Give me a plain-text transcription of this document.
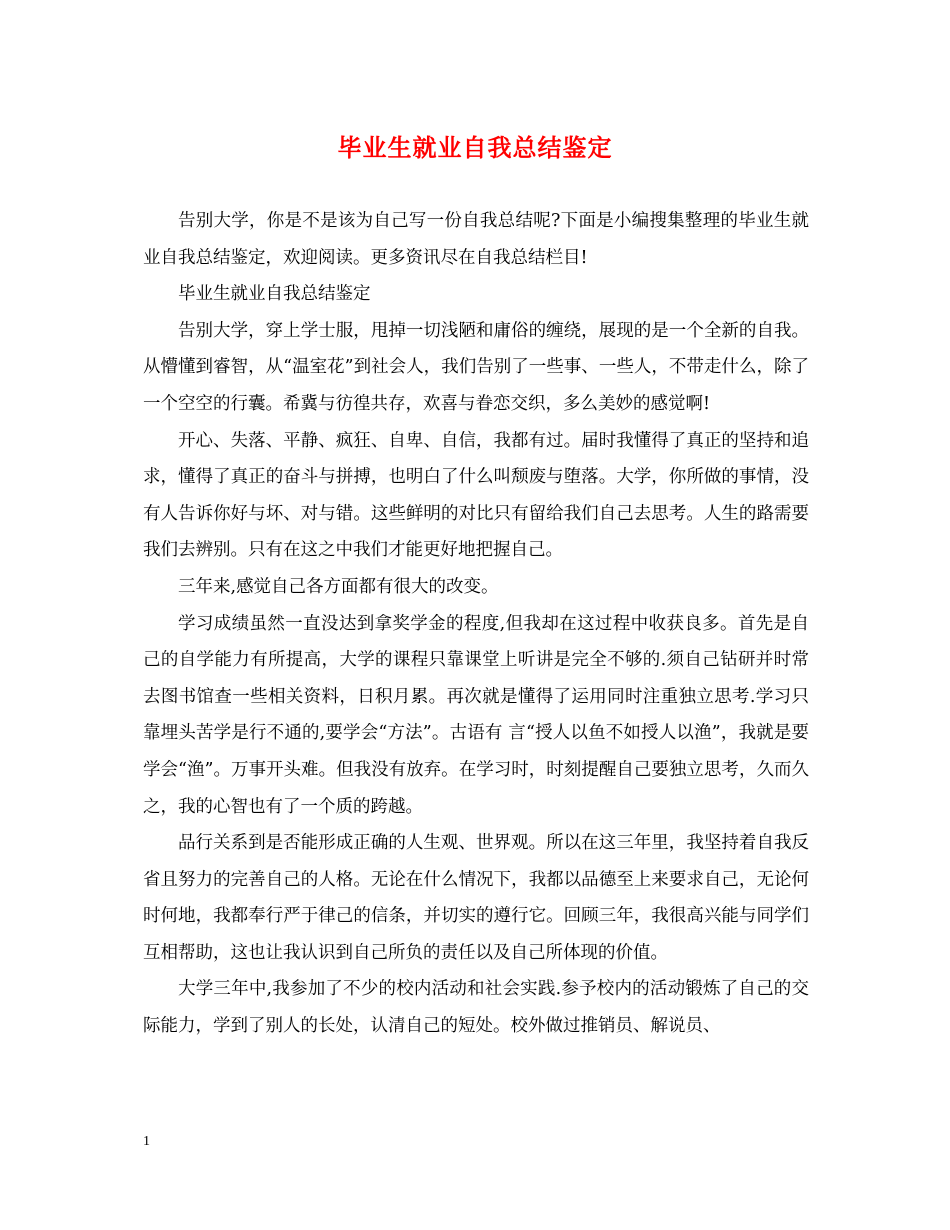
毕业生就业自我总结鉴定

告别大学，你是不是该为自己写一份自我总结呢?下面是小编搜集整理的毕业生就业自我总结鉴定，欢迎阅读。更多资讯尽在自我总结栏目!

毕业生就业自我总结鉴定

告别大学，穿上学士服，甩掉一切浅陋和庸俗的缠绕，展现的是一个全新的自我。从懵懂到睿智，从“温室花”到社会人，我们告别了一些事、一些人，不带走什么，除了一个空空的行囊。希冀与彷徨共存，欢喜与眷恋交织，多么美妙的感觉啊!

开心、失落、平静、疯狂、自卑、自信，我都有过。届时我懂得了真正的坚持和追求，懂得了真正的奋斗与拼搏，也明白了什么叫颓废与堕落。大学，你所做的事情，没有人告诉你好与坏、对与错。这些鲜明的对比只有留给我们自己去思考。人生的路需要我们去辨别。只有在这之中我们才能更好地把握自己。

三年来,感觉自己各方面都有很大的改变。

学习成绩虽然一直没达到拿奖学金的程度,但我却在这过程中收获良多。首先是自己的自学能力有所提高，大学的课程只靠课堂上听讲是完全不够的.须自己钻研并时常去图书馆查一些相关资料，日积月累。再次就是懂得了运用同时注重独立思考.学习只靠埋头苦学是行不通的,要学会“方法”。古语有 言“授人以鱼不如授人以渔”，我就是要学会“渔”。万事开头难。但我没有放弃。在学习时，时刻提醒自己要独立思考，久而久之，我的心智也有了一个质的跨越。

品行关系到是否能形成正确的人生观、世界观。所以在这三年里，我坚持着自我反省且努力的完善自己的人格。无论在什么情况下，我都以品德至上来要求自己，无论何时何地，我都奉行严于律己的信条，并切实的遵行它。回顾三年，我很高兴能与同学们互相帮助，这也让我认识到自己所负的责任以及自己所体现的价值。

大学三年中,我参加了不少的校内活动和社会实践.参予校内的活动锻炼了自己的交际能力，学到了别人的长处，认清自己的短处。校外做过推销员、解说员、

1
